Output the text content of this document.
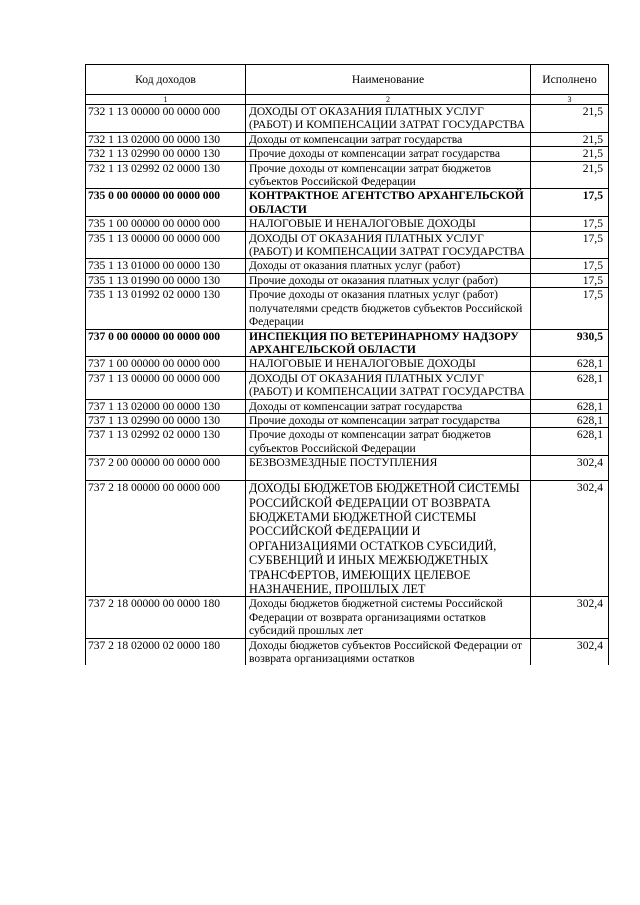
Код доходов	Наименование	Исполнено
1	2	3
732 1 13 00000 00 0000 000	ДОХОДЫ ОТ ОКАЗАНИЯ ПЛАТНЫХ УСЛУГ (РАБОТ) И КОМПЕНСАЦИИ ЗАТРАТ ГОСУДАРСТВА	21,5
732 1 13 02000 00 0000 130	Доходы от компенсации затрат государства	21,5
732 1 13 02990 00 0000 130	Прочие доходы от компенсации затрат государства	21,5
732 1 13 02992 02 0000 130	Прочие доходы от компенсации затрат бюджетов субъектов Российской Федерации	21,5
735 0 00 00000 00 0000 000	КОНТРАКТНОЕ АГЕНТСТВО АРХАНГЕЛЬСКОЙ ОБЛАСТИ	17,5
735 1 00 00000 00 0000 000	НАЛОГОВЫЕ И НЕНАЛОГОВЫЕ ДОХОДЫ	17,5
735 1 13 00000 00 0000 000	ДОХОДЫ ОТ ОКАЗАНИЯ ПЛАТНЫХ УСЛУГ (РАБОТ) И КОМПЕНСАЦИИ ЗАТРАТ ГОСУДАРСТВА	17,5
735 1 13 01000 00 0000 130	Доходы от оказания платных услуг (работ)	17,5
735 1 13 01990 00 0000 130	Прочие доходы от оказания платных услуг (работ)	17,5
735 1 13 01992 02 0000 130	Прочие доходы от оказания платных услуг (работ) получателями средств бюджетов субъектов Российской Федерации	17,5
737 0 00 00000 00 0000 000	ИНСПЕКЦИЯ ПО ВЕТЕРИНАРНОМУ НАДЗОРУ АРХАНГЕЛЬСКОЙ ОБЛАСТИ	930,5
737 1 00 00000 00 0000 000	НАЛОГОВЫЕ И НЕНАЛОГОВЫЕ ДОХОДЫ	628,1
737 1 13 00000 00 0000 000	ДОХОДЫ ОТ ОКАЗАНИЯ ПЛАТНЫХ УСЛУГ (РАБОТ) И КОМПЕНСАЦИИ ЗАТРАТ ГОСУДАРСТВА	628,1
737 1 13 02000 00 0000 130	Доходы от компенсации затрат государства	628,1
737 1 13 02990 00 0000 130	Прочие доходы от компенсации затрат государства	628,1
737 1 13 02992 02 0000 130	Прочие доходы от компенсации затрат бюджетов субъектов Российской Федерации	628,1
737 2 00 00000 00 0000 000	БЕЗВОЗМЕЗДНЫЕ ПОСТУПЛЕНИЯ	302,4
737 2 18 00000 00 0000 000	ДОХОДЫ БЮДЖЕТОВ БЮДЖЕТНОЙ СИСТЕМЫ РОССИЙСКОЙ ФЕДЕРАЦИИ ОТ ВОЗВРАТА БЮДЖЕТАМИ БЮДЖЕТНОЙ СИСТЕМЫ РОССИЙСКОЙ ФЕДЕРАЦИИ И ОРГАНИЗАЦИЯМИ ОСТАТКОВ СУБСИДИЙ, СУБВЕНЦИЙ И ИНЫХ МЕЖБЮДЖЕТНЫХ ТРАНСФЕРТОВ, ИМЕЮЩИХ ЦЕЛЕВОЕ НАЗНАЧЕНИЕ, ПРОШЛЫХ ЛЕТ	302,4
737 2 18 00000 00 0000 180	Доходы бюджетов бюджетной системы Российской Федерации от возврата организациями остатков субсидий прошлых лет	302,4
737 2 18 02000 02 0000 180	Доходы бюджетов субъектов Российской Федерации от возврата организациями остатков	302,4
